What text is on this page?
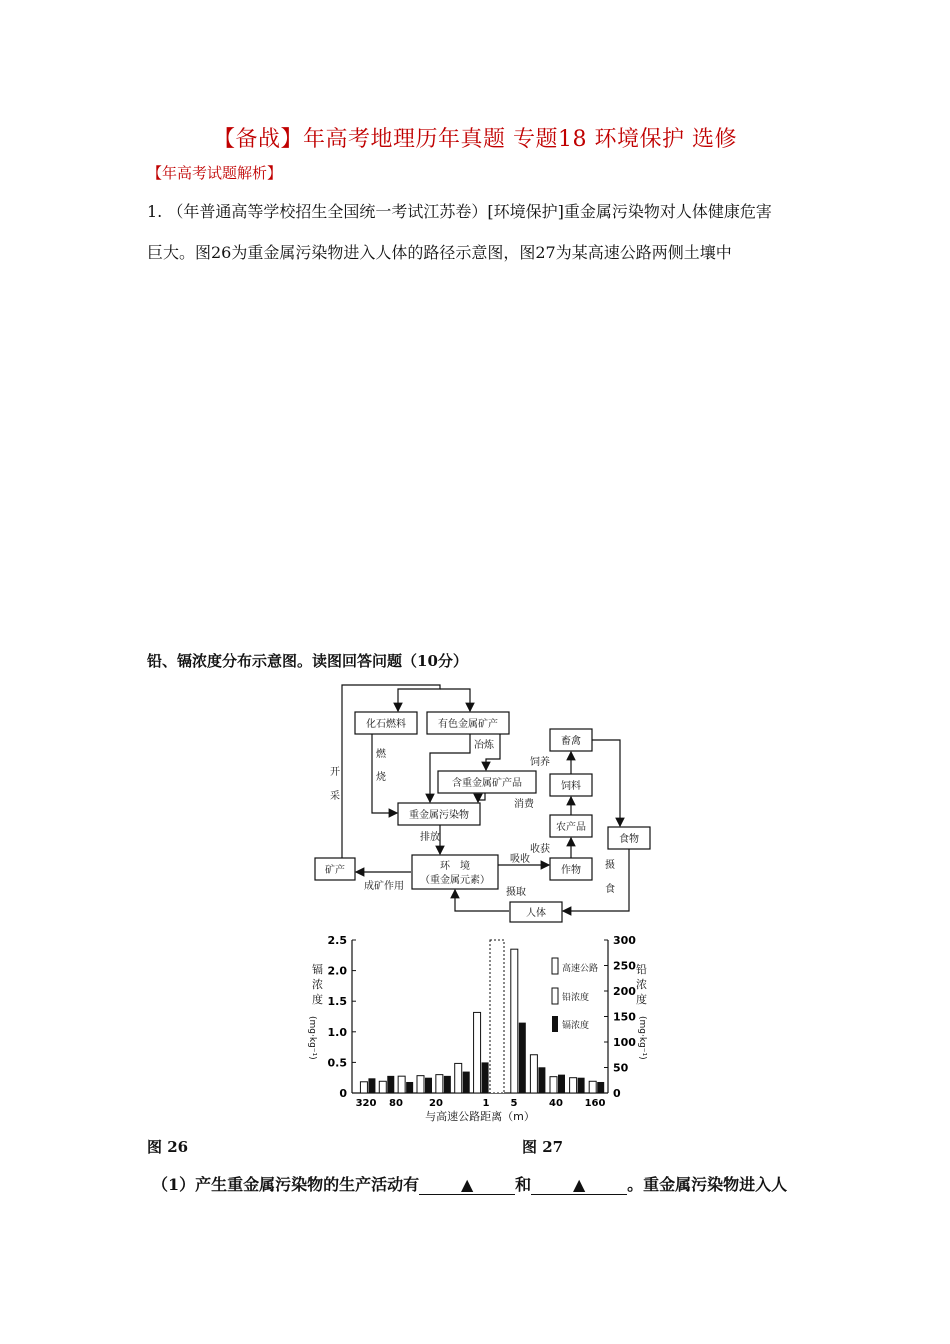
【备战】年高考地理历年真题 专题18 环境保护 选修
【年高考试题解析】
1. （年普通高等学校招生全国统一考试江苏卷）[环境保护]重金属污染物对人体健康危害
巨大。图26为重金属污染物进入人体的路径示意图，图27为某高速公路两侧土壤中
铅、镉浓度分布示意图。读图回答问题（10分）
化石燃料	有色金属矿产
含重金属矿产品
重金属污染物
矿产	环　境
（重金属元素）
畜禽
饲料
农产品
作物
食物
人体
开
采
燃
烧
冶炼
消费
排放
成矿作用
吸收
收获
摄取
饲养
摄
食
镉
浓
度
(mg·kg⁻¹)
铅
浓
度
(mg·kg⁻¹)
与高速公路距离（m）
0
0.5
1.0
1.5
2.0
2.5
0
50
100
150
200
250
300
320 80	20	1 5	40 160
高速公路
铅浓度
镉浓度
图 26	图 27
（1）产生重金属污染物的生产活动有	▲	和	▲	。重金属污染物进入人
